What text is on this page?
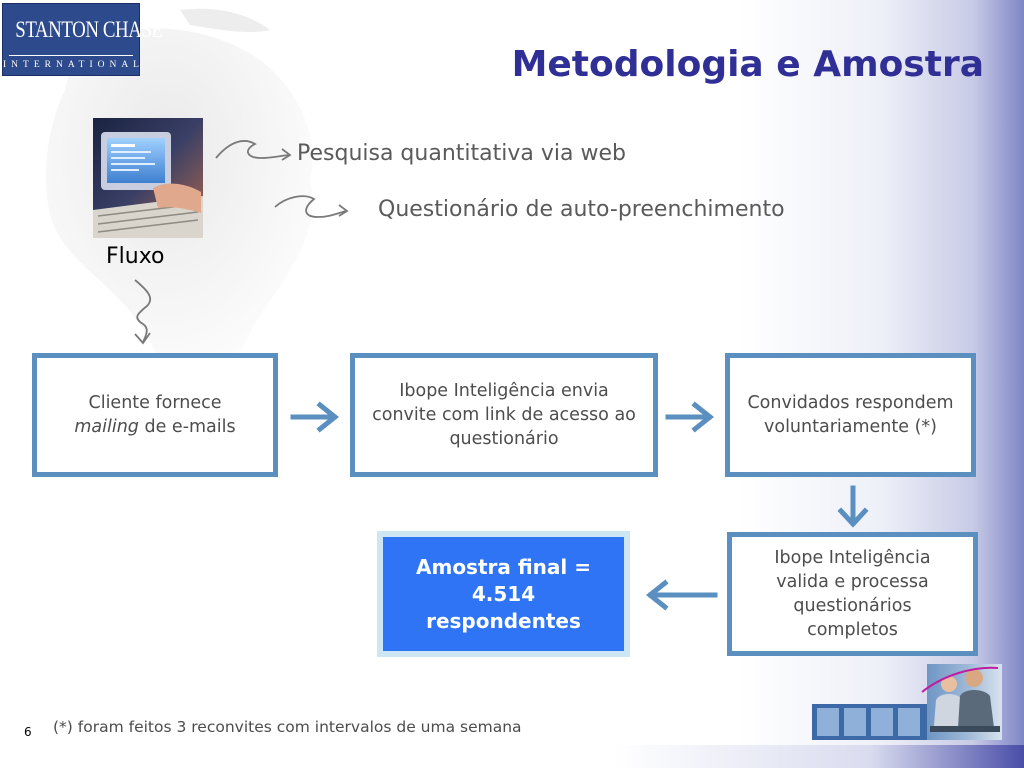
STANTON CHASE
INTERNATIONAL	Metodologia e Amostra
Pesquisa quantitativa via web
Questionário de auto-preenchimento
Fluxo
Cliente fornece
mailing de e-mails
Ibope Inteligência envia convite com link de acesso ao questionário
Convidados respondem voluntariamente (*)
Ibope Inteligência valida e processa questionários completos
Amostra final =
4.514
respondentes
6 (*) foram feitos 3 reconvites com intervalos de uma semana
